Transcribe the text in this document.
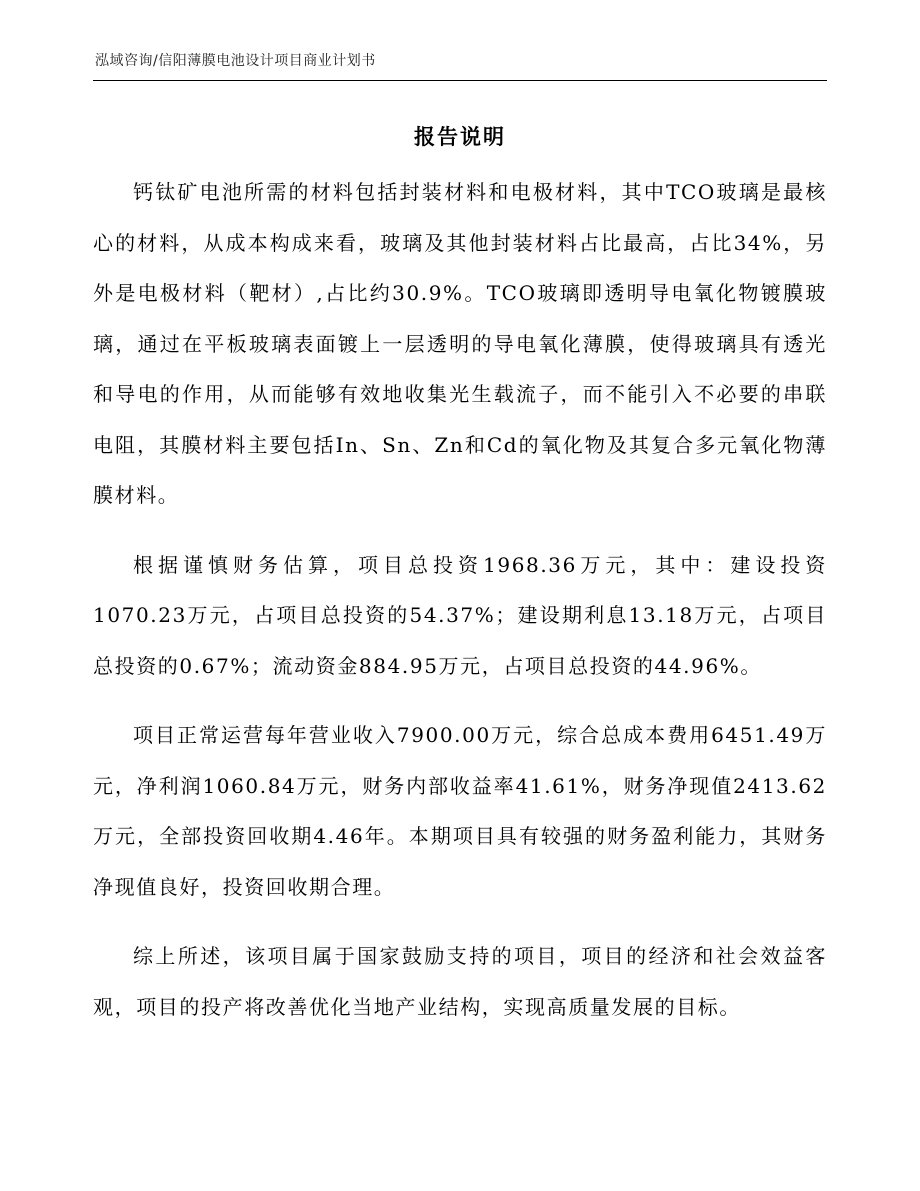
泓域咨询/信阳薄膜电池设计项目商业计划书
报告说明

钙钛矿电池所需的材料包括封装材料和电极材料，其中TCO玻璃是最核心的材料，从成本构成来看，玻璃及其他封装材料占比最高，占比34%，另外是电极材料（靶材）,占比约30.9%。TCO玻璃即透明导电氧化物镀膜玻璃，通过在平板玻璃表面镀上一层透明的导电氧化薄膜，使得玻璃具有透光和导电的作用，从而能够有效地收集光生载流子，而不能引入不必要的串联电阻，其膜材料主要包括In、Sn、Zn和Cd的氧化物及其复合多元氧化物薄膜材料。

根据谨慎财务估算，项目总投资1968.36万元，其中：建设投资1070.23万元，占项目总投资的54.37%；建设期利息13.18万元，占项目总投资的0.67%；流动资金884.95万元，占项目总投资的44.96%。

项目正常运营每年营业收入7900.00万元，综合总成本费用6451.49万元，净利润1060.84万元，财务内部收益率41.61%，财务净现值2413.62万元，全部投资回收期4.46年。本期项目具有较强的财务盈利能力，其财务净现值良好，投资回收期合理。

综上所述，该项目属于国家鼓励支持的项目，项目的经济和社会效益客观，项目的投产将改善优化当地产业结构，实现高质量发展的目标。
